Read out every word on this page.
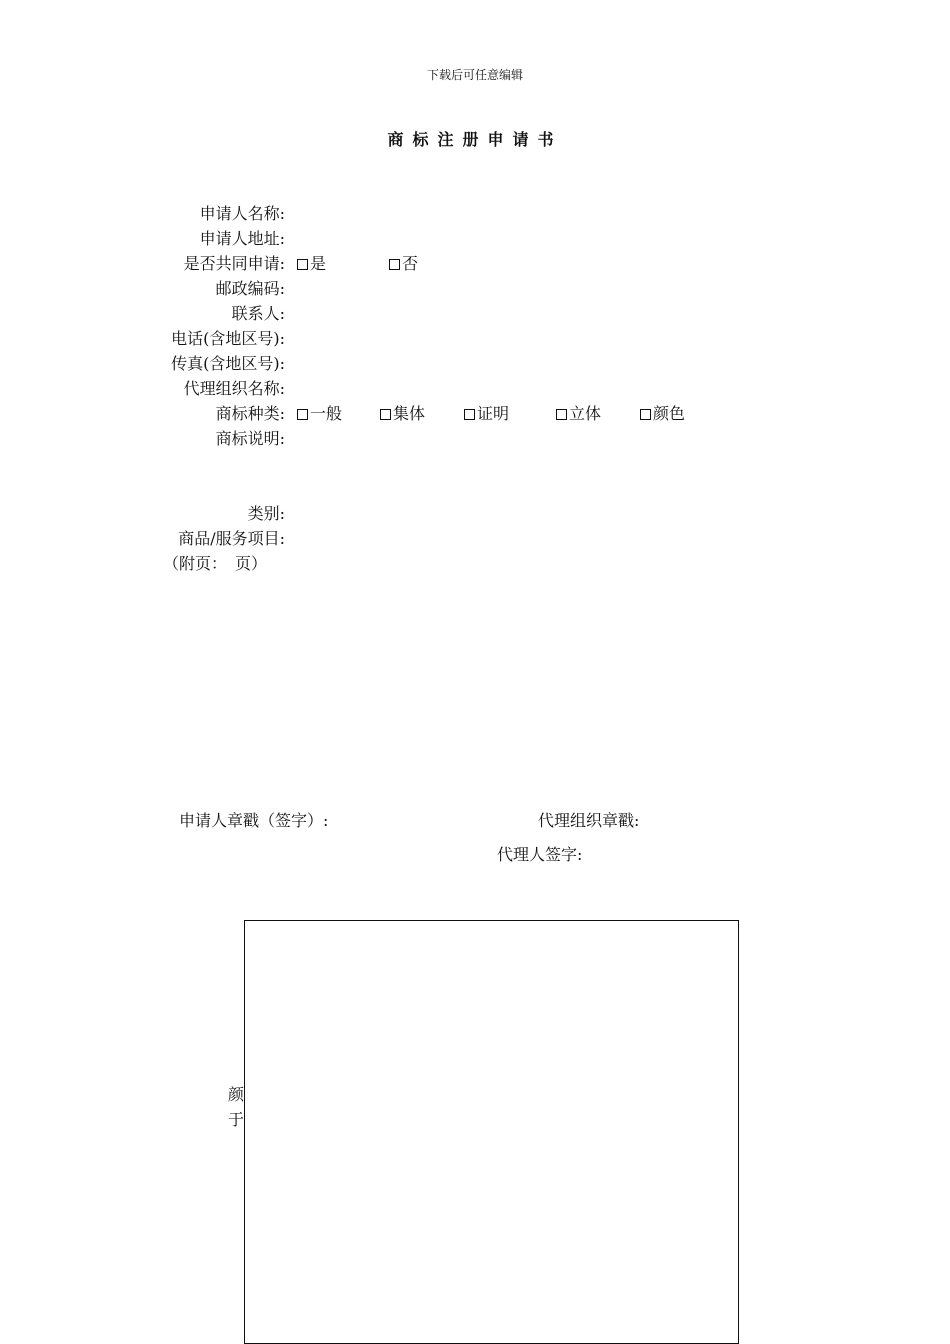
下载后可任意编辑
商标注册申请书
申请人名称:
申请人地址:
是否共同申请:	是	否
邮政编码:
联系人:
电话(含地区号):
传真(含地区号):
代理组织名称:
商标种类:	一般	集体	证明	立体	颜色
商标说明:
类别:
商品/服务项目:
（附页：　页）
申请人章戳（签字）:	代理组织章戳:
代理人签字:
颜
于
